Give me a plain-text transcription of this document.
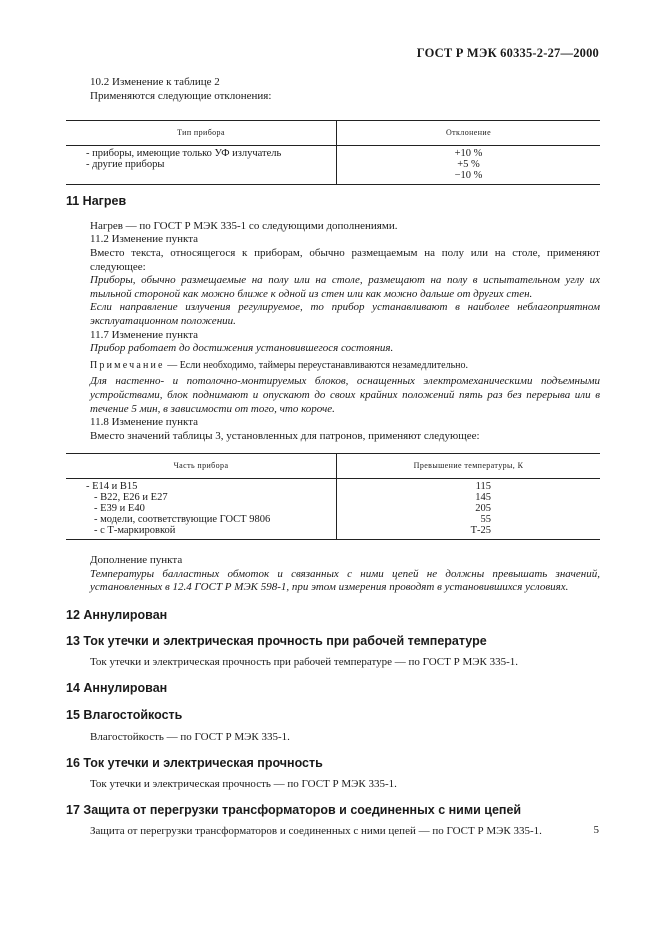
ГОСТ Р МЭК 60335-2-27—2000

10.2 Изменение к таблице 2

Применяются следующие отклонения:

Тип прибора	Отклонение
- приборы, имеющие только УФ излучатель	+10 %

- другие приборы	+5 %
−10 %

11 Нагрев

Нагрев — по ГОСТ Р МЭК 335-1 со следующими дополнениями.

11.2 Изменение пункта

Вместо текста, относящегося к приборам, обычно размещаемым на полу или на столе, применяют следующее:

Приборы, обычно размещаемые на полу или на столе, размещают на полу в испытательном углу их тыльной стороной как можно ближе к одной из стен или как можно дальше от других стен.

Если направление излучения регулируемое, то прибор устанавливают в наиболее неблагоприятном эксплуатационном положении.

11.7 Изменение пункта

Прибор работает до достижения установившегося состояния.

Примечание — Если необходимо, таймеры переустанавливаются незамедлительно.

Для настенно- и потолочно-монтируемых блоков, оснащенных электромеханическими подъемными устройствами, блок поднимают и опускают до своих крайних положений пять раз без перерыва или в течение 5 мин, в зависимости от того, что короче.

11.8 Изменение пункта

Вместо значений таблицы 3, установленных для патронов, применяют следующее:

Часть прибора	Превышение температуры, К
- Е14 и В15	115
- В22, Е26 и Е27	145
- Е39 и Е40	205
- модели, соответствующие ГОСТ 9806	55
- с Т-маркировкой	Т-25

Дополнение пункта

Температуры балластных обмоток и связанных с ними цепей не должны превышать значений, установленных в 12.4 ГОСТ Р МЭК 598-1, при этом измерения проводят в установившихся условиях.

12 Аннулирован

13 Ток утечки и электрическая прочность при рабочей температуре

Ток утечки и электрическая прочность при рабочей температуре — по ГОСТ Р МЭК 335-1.

14 Аннулирован

15 Влагостойкость

Влагостойкость — по ГОСТ Р МЭК 335-1.

16 Ток утечки и электрическая прочность

Ток утечки и электрическая прочность — по ГОСТ Р МЭК 335-1.

17 Защита от перегрузки трансформаторов и соединенных с ними цепей

Защита от перегрузки трансформаторов и соединенных с ними цепей — по ГОСТ Р МЭК 335-1.	5
